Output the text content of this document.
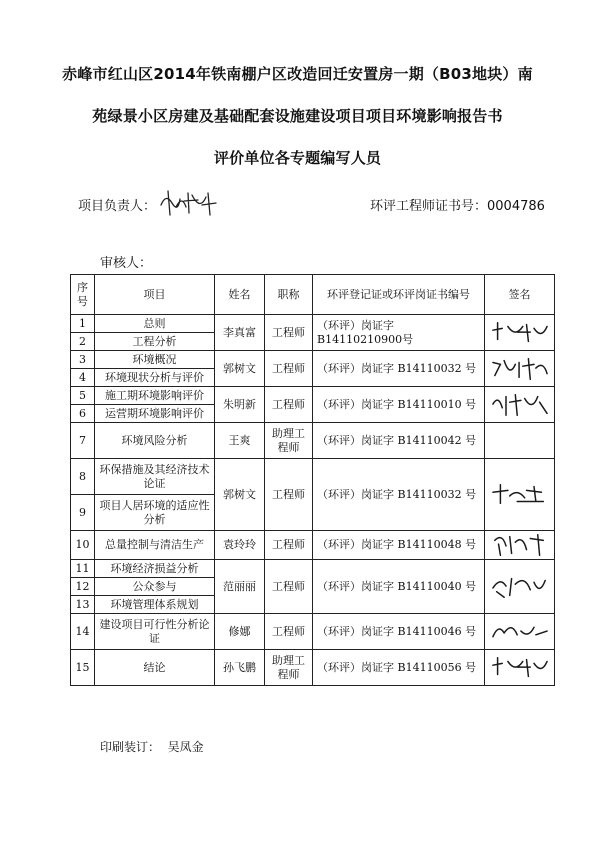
赤峰市红山区2014年铁南棚户区改造回迁安置房一期（B03地块）南
苑绿景小区房建及基础配套设施建设项目项目环境影响报告书
评价单位各专题编写人员
项目负责人：	环评工程师证书号：0004786
审核人：
序号	项目	姓名	职称	环评登记证或环评岗证书编号	签名
1	总则	李真富	工程师	（环评）岗证字 B14110210900号	

2	工程分析				
3	环境概况	郭树文	工程师	（环评）岗证字 B14110032 号	

4	环境现状分析与评价				
5	施工期环境影响评价	朱明新	工程师	（环评）岗证字 B14110010 号	

6	运营期环境影响评价				
7	环境风险分析	王爽	助理工程师	（环评）岗证字 B14110042 号	
8	环保措施及其经济技术论证	郭树文	工程师	（环评）岗证字 B14110032 号	

9	项目人居环境的适应性分析				
10	总量控制与清洁生产	袁玲玲	工程师	（环评）岗证字 B14110048 号	

11	环境经济损益分析	范丽丽	工程师	（环评）岗证字 B14110040 号	

12	公众参与				
13	环境管理体系规划				
14	建设项目可行性分析论证	修娜	工程师	（环评）岗证字 B14110046 号	

15	结论	孙飞鹏	助理工程师	（环评）岗证字 B14110056 号	
印刷装订： 吴凤金
